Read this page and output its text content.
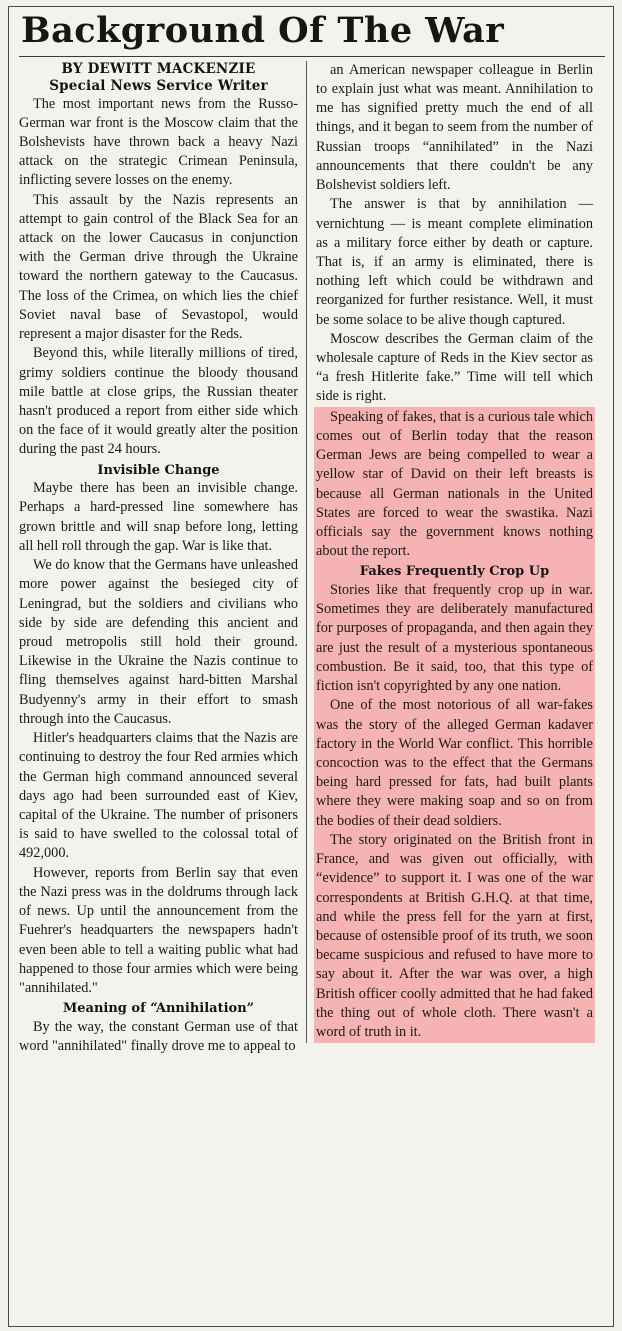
Background Of The War
BY DEWITT MACKENZIE
Special News Service Writer

The most important news from the Russo-German war front is the Moscow claim that the Bolshevists have thrown back a heavy Nazi attack on the strategic Crimean Peninsula, inflicting severe losses on the enemy.

This assault by the Nazis represents an attempt to gain control of the Black Sea for an attack on the lower Caucasus in conjunction with the German drive through the Ukraine toward the northern gateway to the Caucasus. The loss of the Crimea, on which lies the chief Soviet naval base of Sevastopol, would represent a major disaster for the Reds.

Beyond this, while literally millions of tired, grimy soldiers continue the bloody thousand mile battle at close grips, the Russian theater hasn't produced a report from either side which on the face of it would greatly alter the position during the past 24 hours.

Invisible Change

Maybe there has been an invisible change. Perhaps a hard-pressed line somewhere has grown brittle and will snap before long, letting all hell roll through the gap. War is like that.

We do know that the Germans have unleashed more power against the besieged city of Leningrad, but the soldiers and civilians who side by side are defending this ancient and proud metropolis still hold their ground. Likewise in the Ukraine the Nazis continue to fling themselves against hard-bitten Marshal Budyenny's army in their effort to smash through into the Caucasus.

Hitler's headquarters claims that the Nazis are continuing to destroy the four Red armies which the German high command announced several days ago had been surrounded east of Kiev, capital of the Ukraine. The number of prisoners is said to have swelled to the colossal total of 492,000.

However, reports from Berlin say that even the Nazi press was in the doldrums through lack of news. Up until the announcement from the Fuehrer's headquarters the newspapers hadn't even been able to tell a waiting public what had happened to those four armies which were being "annihilated."

Meaning of “Annihilation”

By the way, the constant German use of that word "annihilated" finally drove me to appeal to

an American newspaper colleague in Berlin to explain just what was meant. Annihilation to me has signified pretty much the end of all things, and it began to seem from the number of Russian troops “annihilated” in the Nazi announcements that there couldn't be any Bolshevist soldiers left.

The answer is that by annihilation — vernichtung — is meant complete elimination as a military force either by death or capture. That is, if an army is eliminated, there is nothing left which could be withdrawn and reorganized for further resistance. Well, it must be some solace to be alive though captured.

Moscow describes the German claim of the wholesale capture of Reds in the Kiev sector as “a fresh Hitlerite fake.” Time will tell which side is right.

Speaking of fakes, that is a curious tale which comes out of Berlin today that the reason German Jews are being compelled to wear a yellow star of David on their left breasts is because all German nationals in the United States are forced to wear the swastika. Nazi officials say the government knows nothing about the report.

Fakes Frequently Crop Up

Stories like that frequently crop up in war. Sometimes they are deliberately manufactured for purposes of propaganda, and then again they are just the result of a mysterious spontaneous combustion. Be it said, too, that this type of fiction isn't copyrighted by any one nation.

One of the most notorious of all war-fakes was the story of the alleged German kadaver factory in the World War conflict. This horrible concoction was to the effect that the Germans being hard pressed for fats, had built plants where they were making soap and so on from the bodies of their dead soldiers.

The story originated on the British front in France, and was given out officially, with “evidence” to support it. I was one of the war correspondents at British G.H.Q. at that time, and while the press fell for the yarn at first, because of ostensible proof of its truth, we soon became suspicious and refused to have more to say about it. After the war was over, a high British officer coolly admitted that he had faked the thing out of whole cloth. There wasn't a word of truth in it.
